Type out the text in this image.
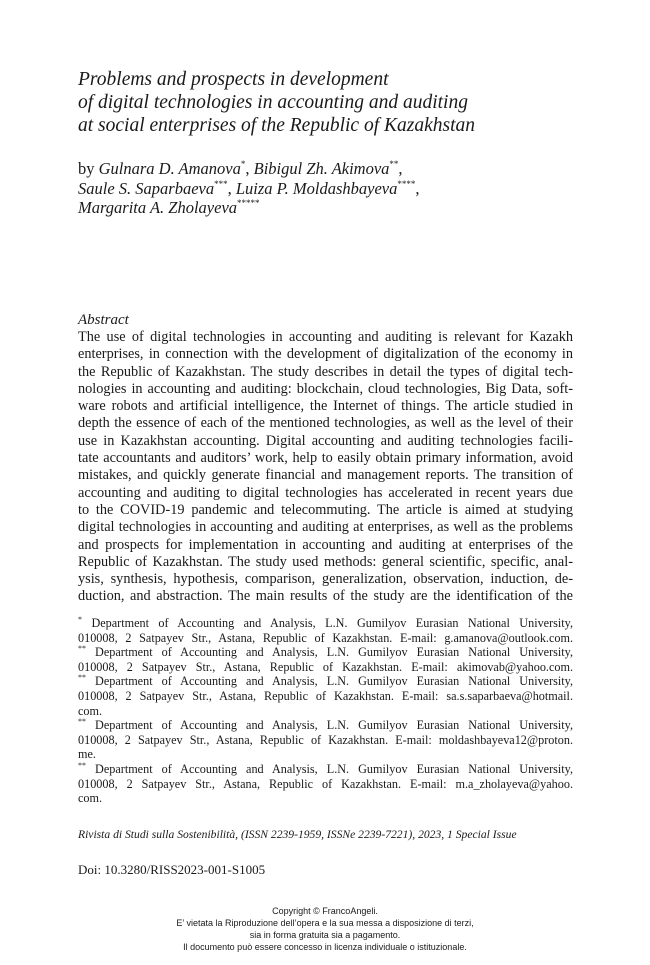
Problems and prospects in development
of digital technologies in accounting and auditing
at social enterprises of the Republic of Kazakhstan
by Gulnara D. Amanova*, Bibigul Zh. Akimova**,
Saule S. Saparbaeva***, Luiza P. Moldashbayeva****,
Margarita A. Zholayeva*****
Abstract
The use of digital technologies in accounting and auditing is relevant for Kazakh
enterprises, in connection with the development of digitalization of the economy in
the Republic of Kazakhstan. The study describes in detail the types of digital tech-
nologies in accounting and auditing: blockchain, cloud technologies, Big Data, soft-
ware robots and artificial intelligence, the Internet of things. The article studied in
depth the essence of each of the mentioned technologies, as well as the level of their
use in Kazakhstan accounting. Digital accounting and auditing technologies facili-
tate accountants and auditors’ work, help to easily obtain primary information, avoid
mistakes, and quickly generate financial and management reports. The transition of
accounting and auditing to digital technologies has accelerated in recent years due
to the COVID-19 pandemic and telecommuting. The article is aimed at studying
digital technologies in accounting and auditing at enterprises, as well as the problems
and prospects for implementation in accounting and auditing at enterprises of the
Republic of Kazakhstan. The study used methods: general scientific, specific, anal-
ysis, synthesis, hypothesis, comparison, generalization, observation, induction, de-
duction, and abstraction. The main results of the study are the identification of the
* Department of Accounting and Analysis, L.N. Gumilyov Eurasian National University,
010008, 2 Satpayev Str., Astana, Republic of Kazakhstan. E-mail: g.amanova@outlook.com.
** Department of Accounting and Analysis, L.N. Gumilyov Eurasian National University,
010008, 2 Satpayev Str., Astana, Republic of Kazakhstan. E-mail: akimovab@yahoo.com.
** Department of Accounting and Analysis, L.N. Gumilyov Eurasian National University,
010008, 2 Satpayev Str., Astana, Republic of Kazakhstan. E-mail: sa.s.saparbaeva@hotmail.
com.
** Department of Accounting and Analysis, L.N. Gumilyov Eurasian National University,
010008, 2 Satpayev Str., Astana, Republic of Kazakhstan. E-mail: moldashbayeva12@proton.
me.
** Department of Accounting and Analysis, L.N. Gumilyov Eurasian National University,
010008, 2 Satpayev Str., Astana, Republic of Kazakhstan. E-mail: m.a_zholayeva@yahoo.
com.
Rivista di Studi sulla Sostenibilità, (ISSN 2239-1959, ISSNe 2239-7221), 2023, 1 Special Issue
Doi: 10.3280/RISS2023-001-S1005
Copyright © FrancoAngeli.
E’ vietata la Riproduzione dell’opera e la sua messa a disposizione di terzi,
sia in forma gratuita sia a pagamento.
Il documento può essere concesso in licenza individuale o istituzionale.
